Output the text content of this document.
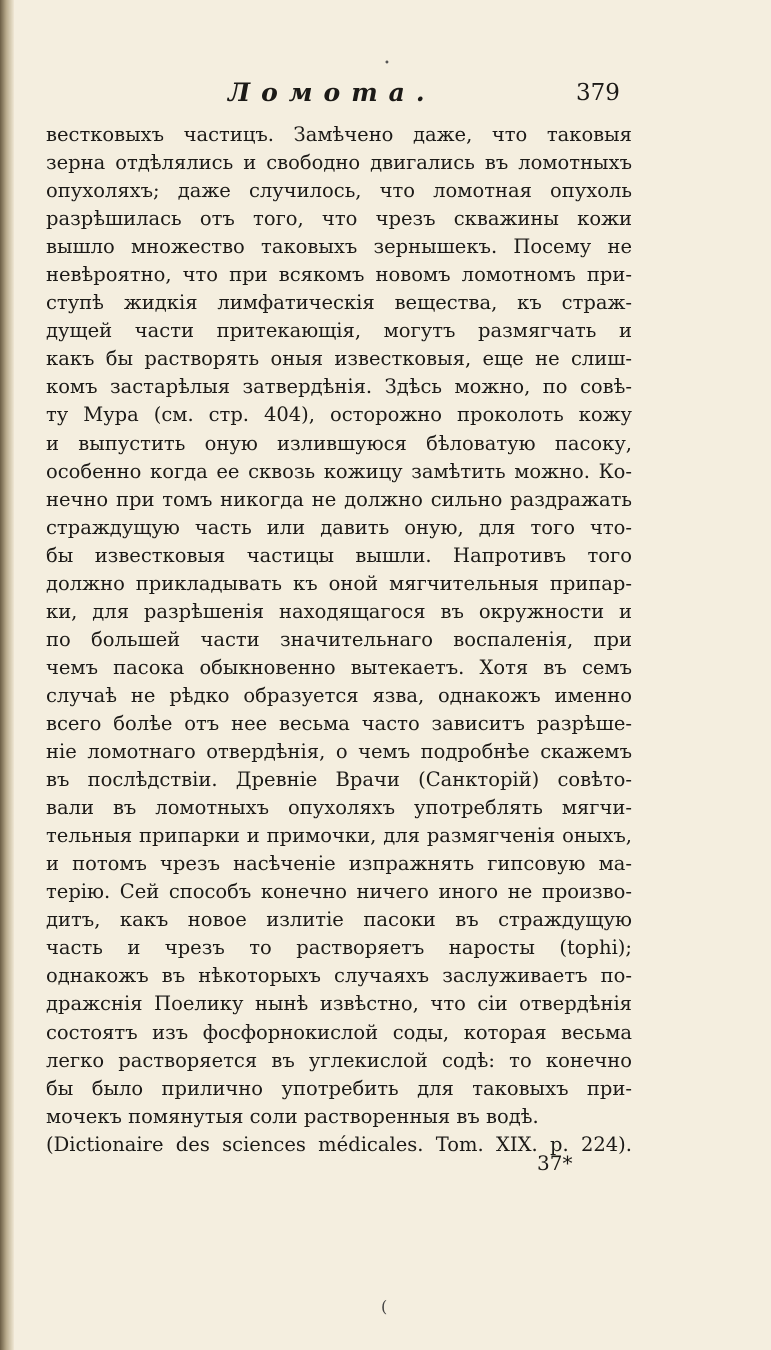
•
Ломота.	379
вестковыхъ частицъ. Замѣчено даже, что таковыя
зерна отдѣлялись и свободно двигались въ ломотныхъ
опухоляхъ; даже случилось, что ломотная опухоль
разрѣшилась отъ того, что чрезъ скважины кожи
вышло множество таковыхъ зернышекъ. Посему не
невѣроятно, что при всякомъ новомъ ломотномъ при-
ступѣ жидкія лимфатическія вещества, къ страж-
дущей части притекающія, могутъ размягчать и
какъ бы растворять оныя известковыя, еще не слиш-
комъ застарѣлыя затвердѣнія. Здѣсь можно, по совѣ-
ту Мура (см. стр. 404), осторожно проколоть кожу
и выпустить оную излившуюся бѣловатую пасоку,
особенно когда ее сквозь кожицу замѣтить можно. Ко-
нечно при томъ никогда не должно сильно раздражать
страждущую часть или давить оную, для того что-
бы известковыя частицы вышли. Напротивъ того
должно прикладывать къ оной мягчительныя припар-
ки, для разрѣшенія находящагося въ окружности и
по большей части значительнаго воспаленія, при
чемъ пасока обыкновенно вытекаетъ. Хотя въ семъ
случаѣ не рѣдко образуется язва, однакожъ именно
всего болѣе отъ нее весьма часто зависитъ разрѣше-
ніе ломотнаго отвердѣнія, о чемъ подробнѣе скажемъ
въ послѣдствіи. Древніе Врачи (Санкторій) совѣто-
вали въ ломотныхъ опухоляхъ употреблять мягчи-
тельныя припарки и примочки, для размягченія оныхъ,
и потомъ чрезъ насѣченіе изпражнять гипсовую ма-
терію. Сей способъ конечно ничего иного не произво-
дитъ, какъ новое излитіе пасоки въ страждущую
часть и чрезъ то растворяетъ наросты (tophi);
однакожъ въ нѣкоторыхъ случаяхъ заслуживаетъ по-
дражснія Поелику нынѣ извѣстно, что сіи отвердѣнія
состоятъ изъ фосфорнокислой соды, которая весьма
легко растворяется въ углекислой содѣ: то конечно
бы было прилично употребить для таковыхъ при-
мочекъ помянутыя соли растворенныя въ водѣ.
(Dictionaire des sciences médicales. Tom. XIX. p. 224).
37*
(
